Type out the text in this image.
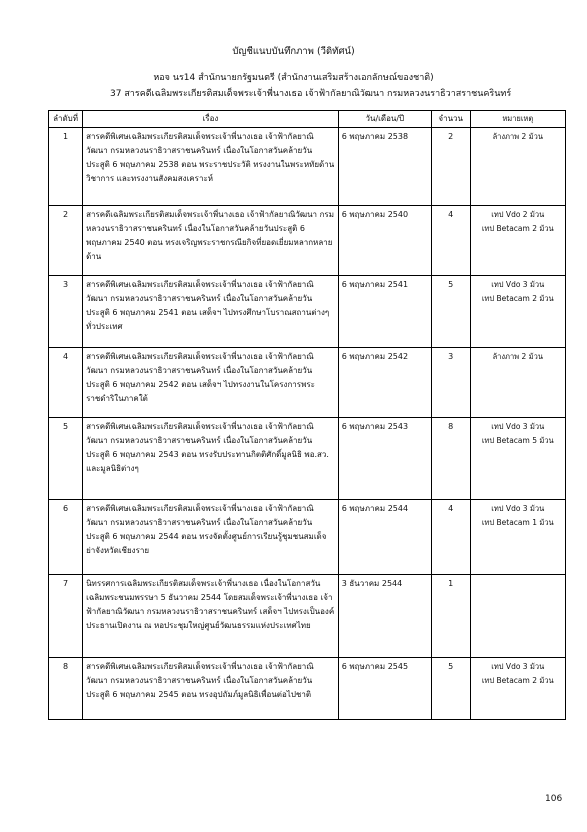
บัญชีแนบบันทึกภาพ (วีดิทัศน์)
หอจ นร14 สำนักนายกรัฐมนตรี (สำนักงานเสริมสร้างเอกลักษณ์ของชาติ)
37 สารคดีเฉลิมพระเกียรติสมเด็จพระเจ้าพี่นางเธอ เจ้าฟ้ากัลยาณิวัฒนา กรมหลวงนราธิวาสราชนครินทร์
ลำดับที่	เรื่อง	วัน/เดือน/ปี	จำนวน	หมายเหตุ
1	สารคดีพิเศษเฉลิมพระเกียรติสมเด็จพระเจ้าพี่นางเธอ เจ้าฟ้ากัลยาณิวัฒนา กรมหลวงนราธิวาสราชนครินทร์ เนื่องในโอกาสวันคล้ายวันประสูติ 6 พฤษภาคม 2538 ตอน พระราชประวัติ ทรงงานในพระหทัยด้านวิชาการ และทรงงานสังคมสงเคราะห์	6 พฤษภาคม 2538	2	ล้างภาพ 2 ม้วน

2	สารคดีเฉลิมพระเกียรติสมเด็จพระเจ้าพี่นางเธอ เจ้าฟ้ากัลยาณิวัฒนา กรมหลวงนราธิวาสราชนครินทร์ เนื่องในโอกาสวันคล้ายวันประสูติ 6 พฤษภาคม 2540 ตอน ทรงเจริญพระราชกรณียกิจที่ยอดเยี่ยมหลากหลายด้าน	6 พฤษภาคม 2540	4	เทป Vdo 2 ม้วน
เทป Betacam 2 ม้วน

3	สารคดีพิเศษเฉลิมพระเกียรติสมเด็จพระเจ้าพี่นางเธอ เจ้าฟ้ากัลยาณิวัฒนา กรมหลวงนราธิวาสราชนครินทร์ เนื่องในโอกาสวันคล้ายวันประสูติ 6 พฤษภาคม 2541 ตอน เสด็จฯ ไปทรงศึกษาโบราณสถานต่างๆ ทั่วประเทศ	6 พฤษภาคม 2541	5	เทป Vdo 3 ม้วน
เทป Betacam 2 ม้วน

4	สารคดีพิเศษเฉลิมพระเกียรติสมเด็จพระเจ้าพี่นางเธอ เจ้าฟ้ากัลยาณิวัฒนา กรมหลวงนราธิวาสราชนครินทร์ เนื่องในโอกาสวันคล้ายวันประสูติ 6 พฤษภาคม 2542 ตอน เสด็จฯ ไปทรงงานในโครงการพระราชดำริในภาคใต้	6 พฤษภาคม 2542	3	ล้างภาพ 2 ม้วน

5	สารคดีพิเศษเฉลิมพระเกียรติสมเด็จพระเจ้าพี่นางเธอ เจ้าฟ้ากัลยาณิวัฒนา กรมหลวงนราธิวาสราชนครินทร์ เนื่องในโอกาสวันคล้ายวันประสูติ 6 พฤษภาคม 2543 ตอน ทรงรับประทานกิตติศักดิ์มูลนิธิ พอ.สว. และมูลนิธิต่างๆ	6 พฤษภาคม 2543	8	เทป Vdo 3 ม้วน
เทป Betacam 5 ม้วน

6	สารคดีพิเศษเฉลิมพระเกียรติสมเด็จพระเจ้าพี่นางเธอ เจ้าฟ้ากัลยาณิวัฒนา กรมหลวงนราธิวาสราชนครินทร์ เนื่องในโอกาสวันคล้ายวันประสูติ 6 พฤษภาคม 2544 ตอน ทรงจัดตั้งศูนย์การเรียนรู้ชุมชนสมเด็จย่าจังหวัดเชียงราย	6 พฤษภาคม 2544	4	เทป Vdo 3 ม้วน
เทป Betacam 1 ม้วน

7	นิทรรศการเฉลิมพระเกียรติสมเด็จพระเจ้าพี่นางเธอ เนื่องในโอกาสวันเฉลิมพระชนมพรรษา 5 ธันวาคม 2544 โดยสมเด็จพระเจ้าพี่นางเธอ เจ้าฟ้ากัลยาณิวัฒนา กรมหลวงนราธิวาสราชนครินทร์ เสด็จฯ ไปทรงเป็นองค์ประธานเปิดงาน ณ หอประชุมใหญ่ศูนย์วัฒนธรรมแห่งประเทศไทย	3 ธันวาคม 2544	1	
8	สารคดีพิเศษเฉลิมพระเกียรติสมเด็จพระเจ้าพี่นางเธอ เจ้าฟ้ากัลยาณิวัฒนา กรมหลวงนราธิวาสราชนครินทร์ เนื่องในโอกาสวันคล้ายวันประสูติ 6 พฤษภาคม 2545 ตอน ทรงอุปถัมภ์มูลนิธิเพื่อนต่อไปชาติ	6 พฤษภาคม 2545	5	เทป Vdo 3 ม้วน
เทป Betacam 2 ม้วน
106
